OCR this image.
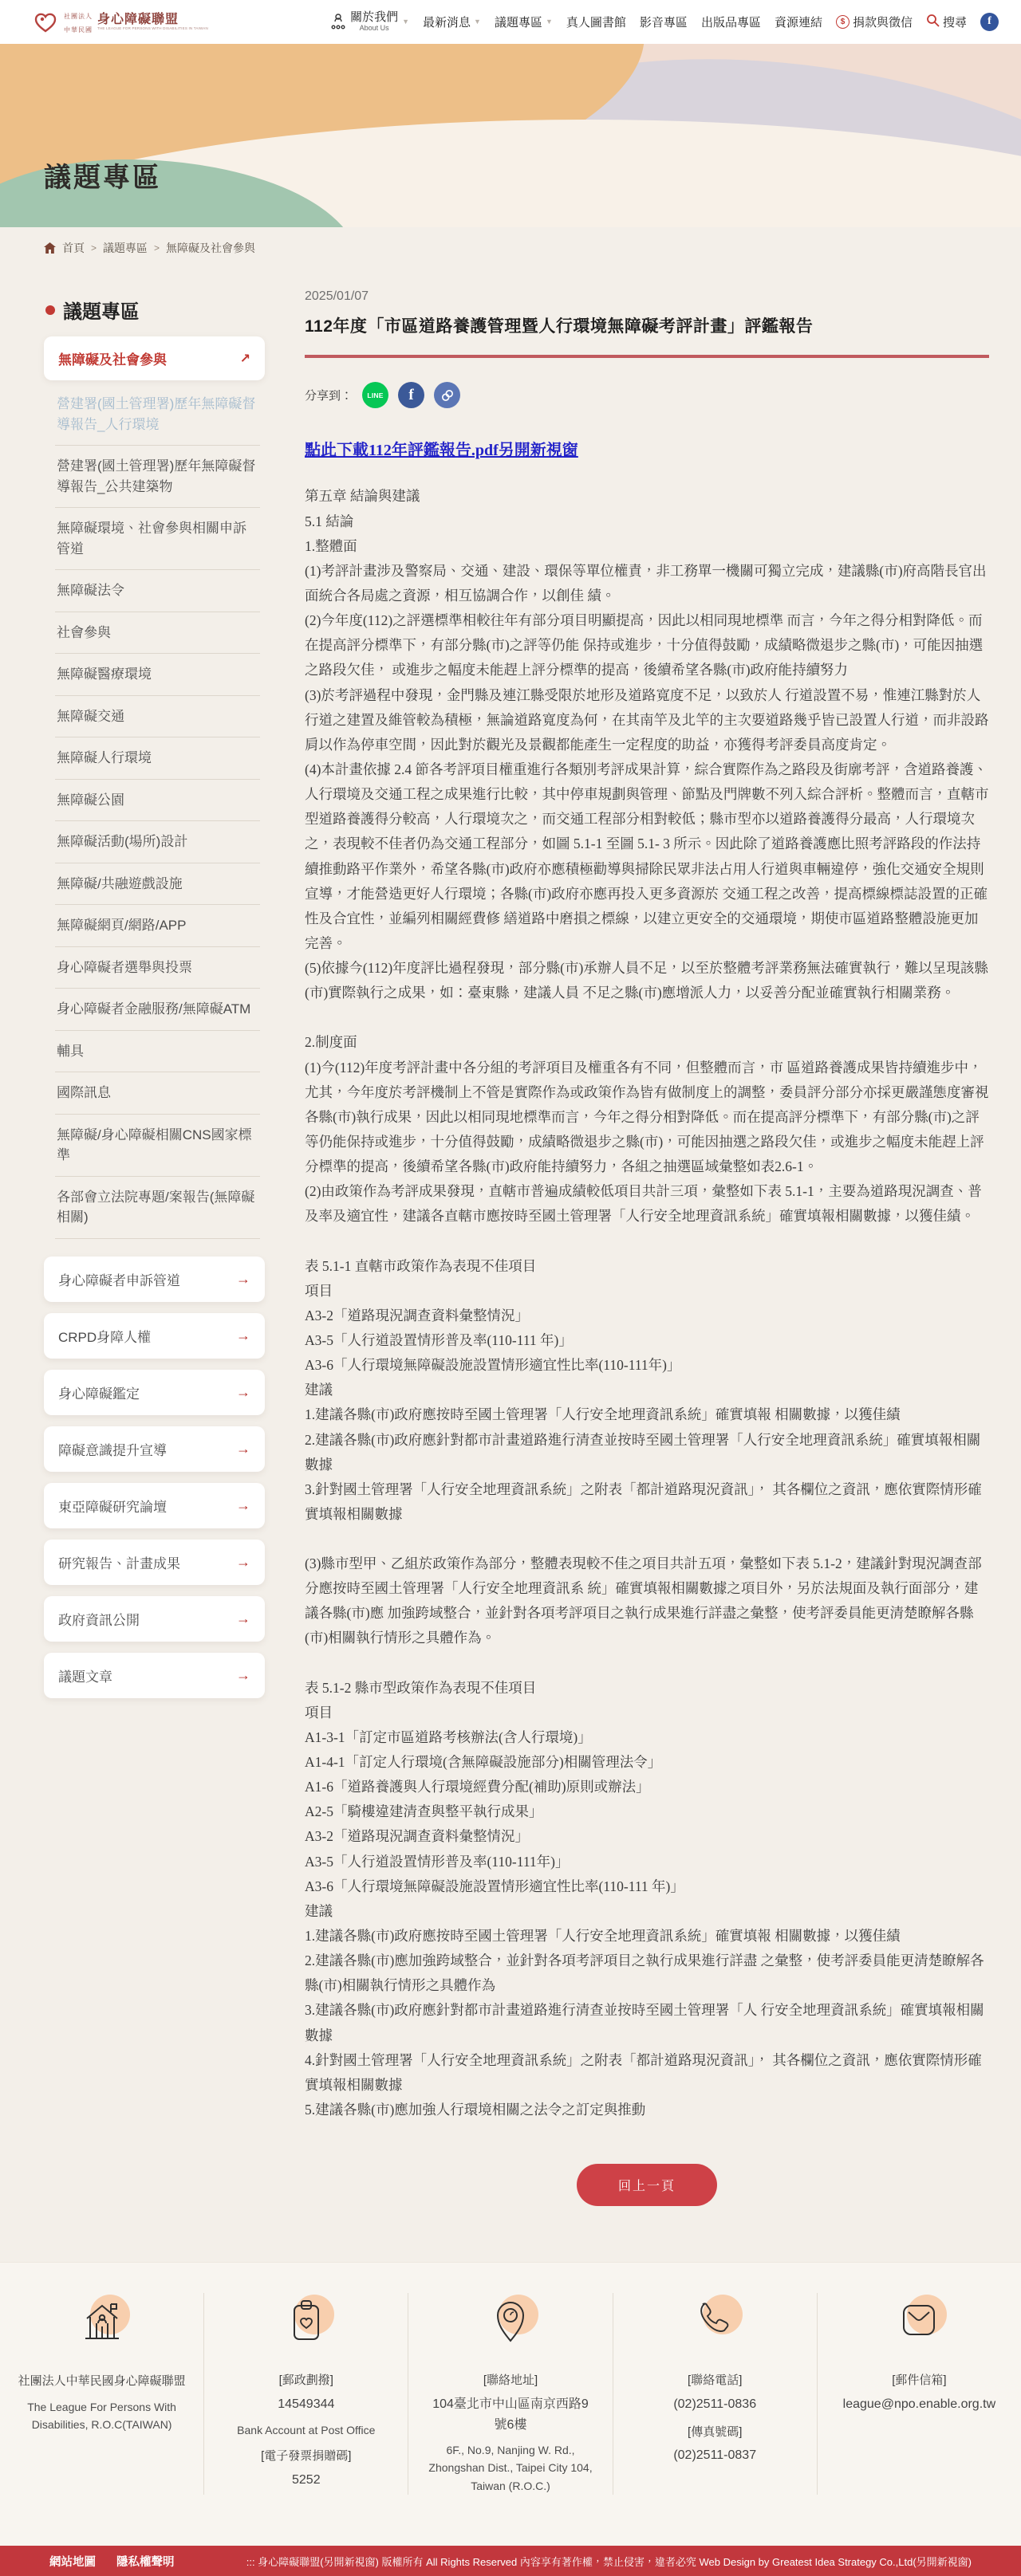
社團法人
中華民國
身心障礙聯盟
THE LEAGUE FOR PERSONS WITH DISABILITIES IN TAIWAN
關於我們
About Us
▼ 最新消息 ▼ 議題專區 ▼ 真人圖書館 影音專區 出版品專區 資源連結	$ 捐款與徵信	搜尋	f
議題專區
首頁 > 議題專區 > 無障礙及社會參與
議題專區
無障礙及社會參與	↗
營建署(國土管理署)歷年無障礙督導報告_人行環境
營建署(國土管理署)歷年無障礙督導報告_公共建築物
無障礙環境、社會參與相關申訴管道
無障礙法令
社會參與
無障礙醫療環境
無障礙交通
無障礙人行環境
無障礙公園
無障礙活動(場所)設計
無障礙/共融遊戲設施
無障礙網頁/網路/APP
身心障礙者選舉與投票
身心障礙者金融服務/無障礙ATM
輔具
國際訊息
無障礙/身心障礙相關CNS國家標準
各部會立法院專題/案報告(無障礙相關)
身心障礙者申訴管道	→
CRPD身障人權	→
身心障礙鑑定	→
障礙意識提升宣導	→
東亞障礙研究論壇	→
研究報告、計畫成果	→
政府資訊公開	→
議題文章	→
2025/01/07
112年度「市區道路養護管理暨人行環境無障礙考評計畫」評鑑報告
分享到：	LINE	f
點此下載112年評鑑報告.pdf另開新視窗

第五章 結論與建議

5.1 結論

1.整體面

(1)考評計畫涉及警察局、交通、建設、環保等單位權責，非工務單一機關可獨立完成，建議縣(市)府高階長官出面統合各局處之資源，相互協調合作，以創佳 績。

(2)今年度(112)之評選標準相較往年有部分項目明顯提高，因此以相同現地標準 而言，今年之得分相對降低。而在提高評分標準下，有部分縣(市)之評等仍能 保持或進步，十分值得鼓勵，成績略微退步之縣(市)，可能因抽選之路段欠佳， 或進步之幅度未能趕上評分標準的提高，後續希望各縣(市)政府能持續努力

(3)於考評過程中發現，金門縣及連江縣受限於地形及道路寬度不足，以致於人 行道設置不易，惟連江縣對於人行道之建置及維管較為積極，無論道路寬度為何，在其南竿及北竿的主次要道路幾乎皆已設置人行道，而非設路肩以作為停車空間，因此對於觀光及景觀都能產生一定程度的助益，亦獲得考評委員高度肯定。

(4)本計畫依據 2.4 節各考評項目權重進行各類別考評成果計算，綜合實際作為之路段及街廓考評，含道路養護、人行環境及交通工程之成果進行比較，其中停車規劃與管理、節點及門牌數不列入綜合評析。整體而言，直轄市型道路養護得分較高，人行環境次之，而交通工程部分相對較低；縣市型亦以道路養護得分最高，人行環境次之，表現較不佳者仍為交通工程部分，如圖 5.1-1 至圖 5.1- 3 所示。因此除了道路養護應比照考評路段的作法持續推動路平作業外，希望各縣(市)政府亦應積極勸導與掃除民眾非法占用人行道與車輛違停，強化交通安全規則宣導，才能營造更好人行環境；各縣(市)政府亦應再投入更多資源於 交通工程之改善，提高標線標誌設置的正確性及合宜性，並編列相關經費修 繕道路中磨損之標線，以建立更安全的交通環境，期使市區道路整體設施更加完善。

(5)依據今(112)年度評比過程發現，部分縣(市)承辦人員不足，以至於整體考評業務無法確實執行，難以呈現該縣(市)實際執行之成果，如：臺東縣，建議人員 不足之縣(市)應增派人力，以妥善分配並確實執行相關業務。

2.制度面

(1)今(112)年度考評計畫中各分組的考評項目及權重各有不同，但整體而言，市 區道路養護成果皆持續進步中，尤其，今年度於考評機制上不管是實際作為或政策作為皆有做制度上的調整，委員評分部分亦採更嚴謹態度審視各縣(市)執行成果，因此以相同現地標準而言，今年之得分相對降低。而在提高評分標準下，有部分縣(市)之評等仍能保持或進步，十分值得鼓勵，成績略微退步之縣(市)，可能因抽選之路段欠佳，或進步之幅度未能趕上評分標準的提高，後續希望各縣(市)政府能持續努力，各組之抽選區域彙整如表2.6-1。

(2)由政策作為考評成果發現，直轄市普遍成績較低項目共計三項，彙整如下表 5.1-1，主要為道路現況調查、普及率及適宜性，建議各直轄市應按時至國土管理署「人行安全地理資訊系統」確實填報相關數據，以獲佳績。

表 5.1-1 直轄市政策作為表現不佳項目

項目

A3-2「道路現況調查資料彙整情況」

A3-5「人行道設置情形普及率(110-111 年)」

A3-6「人行環境無障礙設施設置情形適宜性比率(110-111年)」

建議

1.建議各縣(市)政府應按時至國土管理署「人行安全地理資訊系統」確實填報 相關數據，以獲佳績

2.建議各縣(市)政府應針對都市計畫道路進行清查並按時至國土管理署「人行安全地理資訊系統」確實填報相關數據

3.針對國土管理署「人行安全地理資訊系統」之附表「都計道路現況資訊」， 其各欄位之資訊，應依實際情形確實填報相關數據

(3)縣市型甲、乙組於政策作為部分，整體表現較不佳之項目共計五項，彙整如下表 5.1-2，建議針對現況調查部分應按時至國土管理署「人行安全地理資訊系 統」確實填報相關數據之項目外，另於法規面及執行面部分，建議各縣(市)應 加強跨域整合，並針對各項考評項目之執行成果進行詳盡之彙整，使考評委員能更清楚瞭解各縣(市)相關執行情形之具體作為。

表 5.1-2 縣市型政策作為表現不佳項目

項目

A1-3-1「訂定市區道路考核辦法(含人行環境)」

A1-4-1「訂定人行環境(含無障礙設施部分)相關管理法令」

A1-6「道路養護與人行環境經費分配(補助)原則或辦法」

A2-5「騎樓違建清查與整平執行成果」

A3-2「道路現況調查資料彙整情況」

A3-5「人行道設置情形普及率(110-111年)」

A3-6「人行環境無障礙設施設置情形適宜性比率(110-111 年)」

建議

1.建議各縣(市)政府應按時至國土管理署「人行安全地理資訊系統」確實填報 相關數據，以獲佳績

2.建議各縣(市)應加強跨域整合，並針對各項考評項目之執行成果進行詳盡 之彙整，使考評委員能更清楚瞭解各縣(市)相關執行情形之具體作為

3.建議各縣(市)政府應針對都市計畫道路進行清查並按時至國土管理署「人 行安全地理資訊系統」確實填報相關數據

4.針對國土管理署「人行安全地理資訊系統」之附表「都計道路現況資訊」， 其各欄位之資訊，應依實際情形確實填報相關數據

5.建議各縣(市)應加強人行環境相關之法令之訂定與推動

回上一頁
社團法人中華民國身心障礙聯盟
The League For Persons With Disabilities, R.O.C(TAIWAN)
[郵政劃撥]
14549344
Bank Account at Post Office
[電子發票捐贈碼]
5252
[聯絡地址]
104臺北市中山區南京西路9號6樓
6F., No.9, Nanjing W. Rd., Zhongshan Dist., Taipei City 104, Taiwan (R.O.C.)
[聯絡電話]
(02)2511-0836
[傳真號碼]
(02)2511-0837
[郵件信箱]
league@npo.enable.org.tw
網站地圖 隱私權聲明	::: 身心障礙聯盟(另開新視窗) 版權所有 All Rights Reserved 內容享有著作權，禁止侵害，違者必究 Web Design by Greatest Idea Strategy Co.,Ltd(另開新視窗)
